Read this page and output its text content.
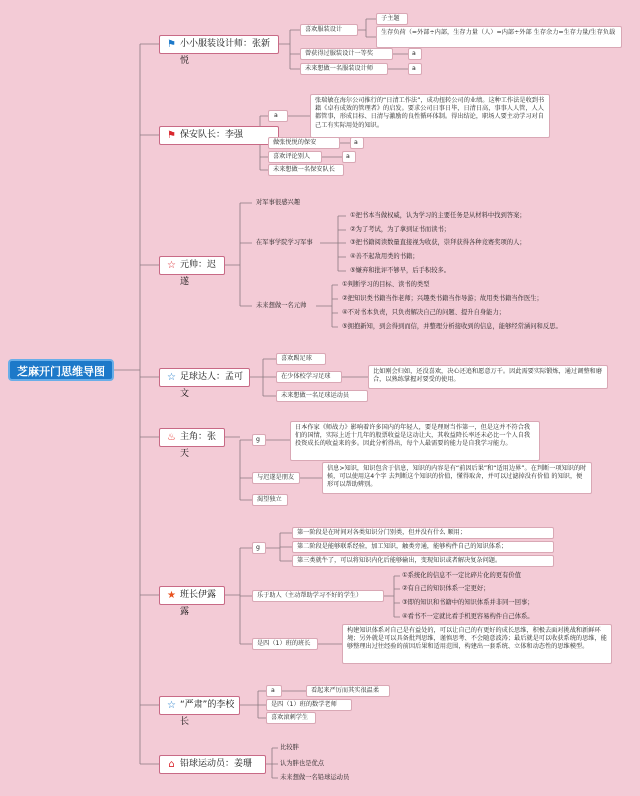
芝麻开门思维导图
⚑ 小小服装设计师：张新悦
⚑ 保安队长：李强
☆ 元帅：迟遂
☆ 足球达人：孟可文
♨ 主角：张天
★ 班长伊露露
☆ “严肃”的李校长
⌂ 铅球运动员：姜珊
喜欢服装设计
子主题
生存负荷（=外部÷内部，生存力量（人）=内部÷外部 生存余力=生存力量/生存负载
曾获得过服装设计一等奖	a
未来想做一名服装设计师	a
a
张瑞敏在海尔公司推行的“日清工作法”，成功扭转公司的业绩。这种工作法是收到书籍《卓有成效的管理者》的启发。要求公司日事日毕，日清日高，事事人人管，人人都管事，形成目标、日清与激励的良性循环体制。得出结论，职场人要主动学习对自己工有实际用处的知识。
做张悦悦的保安	a
喜欢评论别人	a
未来想做一名保安队长
对军事很感兴趣
在军事学院学习军事
①把书本当做权威，认为学习的主要任务是从材料中找到答案；
②为了考试，为了拿到证书而读书；
③把书籍阅读数量直接视为收获，崇拜获得各种竞赛奖项的人；
④善不起敌用类的书籍；
⑤嫌弃和批评不够早，后手积较多。
未来想做一名元帅
①判断学习的目标、读书的类型
②把知识类书籍当作老师；兴趣类书籍当作导游；故用类书籍当作医生；
④不对书本负责，只负责解决自己的问题、提升自身能力；
⑤拥抱新知，到会得到而信，并整理分析接收到的信息，能够经常涵问和反思。
喜欢踢足球
在少体校学习足球
比如刚会归如，还没喜欢，决心还追和愿意万千。因此需要实际锻炼，通过调整和磨合，以熟练掌握对要受的使用。
未来想做一名足球运动员
g
日本作家《师战力》影响着许多国内的年轻人，要是理财当作第一，但是这并不符合我们的国情，实际上近十几年的股票收益是这动让大，其收益降长率还未必比一个人自我投资成长的收益来的多。因此分析得出，每个人最需要的能力是自我学习能力。
与迟遂是朋友
信息>知识，知识包含于信息，知识的内容是有“前因后果”和“适用边界”。在判断一项知识的时候，可以使用这4个字 去判断这个知识的价值，懂得取舍，并可以过滤掉没有价值 的知识，便形可以帮助辨别。
渴望独立
g
第一阶段是在时间对各类知识分门别类，但并没有什么 顺用；
第二阶段是能够联系经验，加工知识，触类旁通，能够构件自己的知识体系；
第三类就牛了，可以将知识内化后能够输出，变现知识或者解决复杂问题。
乐于助人（主动帮助学习不好的学生）
①系统化的信息不一定比碎片化的更有价值
②有自己的知识体系一定更好；
③即的知识和书籍中的知识体系并非同一回事；
④看书不一定就比看手机更容易构件自己体系。
是四（1）班的班长
构建知识体系对自己是有益处的，可以让自己的有更好的成长思维，积极去面对挑战和新鲜环境；另外就是可以具备批判思维，谨慎思考、不会随意波涛；最后就是可以收获系统的思维，能够整理出过往经验的前因后果和适用范围，构建出一套系统、立体和动态性的思维模型。
a	看起来严厉而其实很温柔
是四（1）班的数学老师
喜欢滚刺学生
比较胖
认为胖也是优点
未来想做一名铅球运动员
